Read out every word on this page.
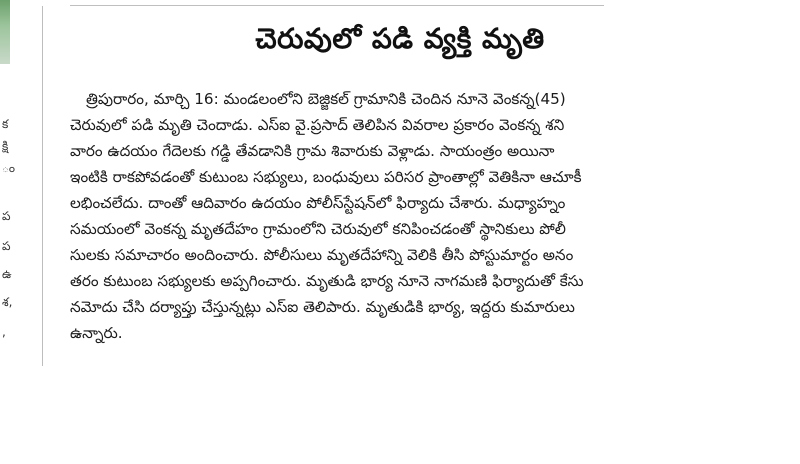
క
క్షి
ం
ప
ప
ఉ
శ,
,
చెరువులో పడి వ్యక్తి మృతి
త్రిపురారం, మార్చి 16: మండలంలోని బెజ్జికల్ గ్రామానికి చెందిన నూనె వెంకన్న(45)
చెరువులో పడి మృతి చెందాడు. ఎస్ఐ వై.ప్రసాద్ తెలిపిన వివరాల ప్రకారం వెంకన్న శని
వారం ఉదయం గేదెలకు గడ్డి తేవడానికి గ్రామ శివారుకు వెళ్లాడు. సాయంత్రం అయినా
ఇంటికి రాకపోవడంతో కుటుంబ సభ్యులు, బంధువులు పరిసర ప్రాంతాల్లో వెతికినా ఆచూకీ
లభించలేదు. దాంతో ఆదివారం ఉదయం పోలీస్‌స్టేషన్‌లో ఫిర్యాదు చేశారు. మధ్యాహ్నం
సమయంలో వెంకన్న మృతదేహం గ్రామంలోని చెరువులో కనిపించడంతో స్థానికులు పోలీ
సులకు సమాచారం అందించారు. పోలీసులు మృతదేహాన్ని వెలికి తీసి పోస్టుమార్టం అనం
తరం కుటుంబ సభ్యులకు అప్పగించారు. మృతుడి భార్య నూనె నాగమణి ఫిర్యాదుతో కేసు
నమోదు చేసి దర్యాప్తు చేస్తున్నట్లు ఎస్ఐ తెలిపారు. మృతుడికి భార్య, ఇద్దరు కుమారులు
ఉన్నారు.
